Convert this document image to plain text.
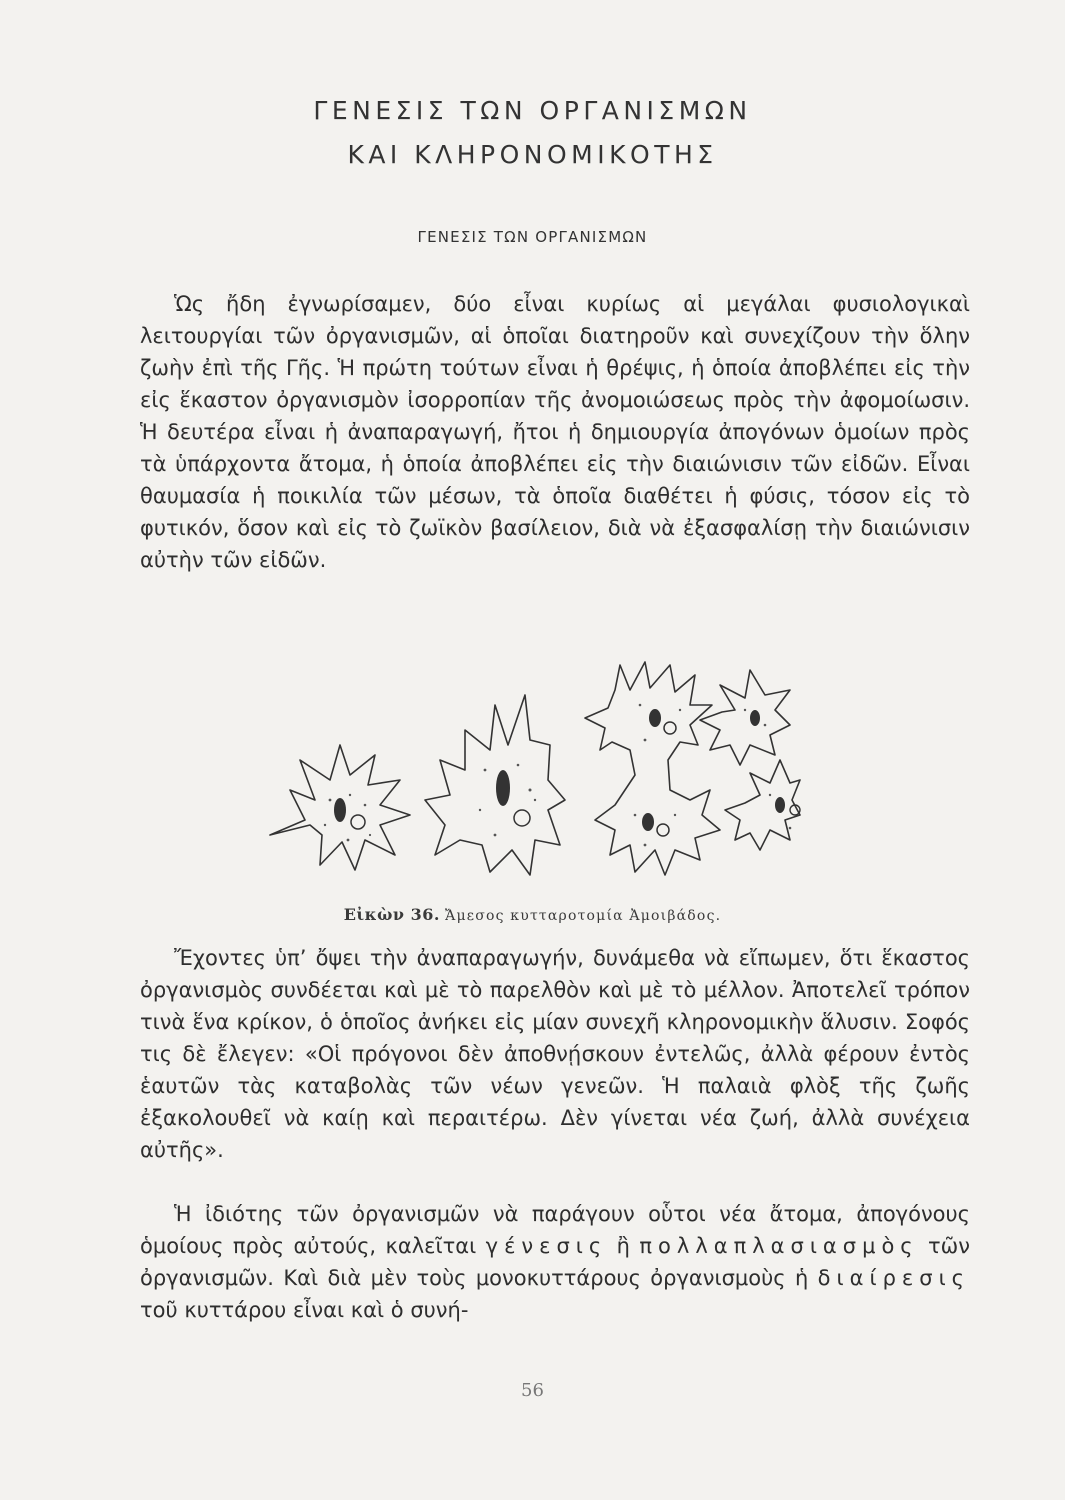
ΓΕΝΕΣΙΣ ΤΩΝ ΟΡΓΑΝΙΣΜΩΝ
ΚΑΙ ΚΛΗΡΟΝΟΜΙΚΟΤΗΣ
ΓΕΝΕΣΙΣ ΤΩΝ ΟΡΓΑΝΙΣΜΩΝ

Ὡς ἤδη ἐγνωρίσαμεν, δύο εἶναι κυρίως αἱ μεγάλαι φυσιολογικαὶ λειτουργίαι τῶν ὀργανισμῶν, αἱ ὁποῖαι διατηροῦν καὶ συνεχίζουν τὴν ὅλην ζωὴν ἐπὶ τῆς Γῆς. Ἡ πρώτη τούτων εἶναι ἡ θρέψις, ἡ ὁποία ἀποβλέπει εἰς τὴν εἰς ἕκαστον ὀργανισμὸν ἰσορροπίαν τῆς ἀνομοιώσεως πρὸς τὴν ἀφομοίωσιν. Ἡ δευτέρα εἶναι ἡ ἀναπαραγωγή, ἤτοι ἡ δημιουργία ἀπογόνων ὁμοίων πρὸς τὰ ὑπάρχοντα ἄτομα, ἡ ὁποία ἀποβλέπει εἰς τὴν διαιώνισιν τῶν εἰδῶν. Εἶναι θαυμασία ἡ ποικιλία τῶν μέσων, τὰ ὁποῖα διαθέτει ἡ φύσις, τόσον εἰς τὸ φυτικόν, ὅσον καὶ εἰς τὸ ζωϊκὸν βασίλειον, διὰ νὰ ἐξασφαλίσῃ τὴν διαιώνισιν αὐτὴν τῶν εἰδῶν.

Εἰκὼν 36. Ἄμεσος κυτταροτομία Ἀμοιβάδος.

Ἔχοντες ὑπ’ ὄψει τὴν ἀναπαραγωγήν, δυνάμεθα νὰ εἴπωμεν, ὅτι ἕκαστος ὀργανισμὸς συνδέεται καὶ μὲ τὸ παρελθὸν καὶ μὲ τὸ μέλλον. Ἀποτελεῖ τρόπον τινὰ ἕνα κρίκον, ὁ ὁποῖος ἀνήκει εἰς μίαν συνεχῆ κληρονομικὴν ἅλυσιν. Σοφός τις δὲ ἔλεγεν: «Οἱ πρόγονοι δὲν ἀποθνῄσκουν ἐντελῶς, ἀλλὰ φέρουν ἐντὸς ἑαυτῶν τὰς καταβολὰς τῶν νέων γενεῶν. Ἡ παλαιὰ φλὸξ τῆς ζωῆς ἐξακολουθεῖ νὰ καίῃ καὶ περαιτέρω. Δὲν γίνεται νέα ζωή, ἀλλὰ συνέχεια αὐτῆς».

Ἡ ἰδιότης τῶν ὀργανισμῶν νὰ παράγουν οὗτοι νέα ἄτομα, ἀπογόνους ὁμοίους πρὸς αὐτούς, καλεῖται γένεσις ἢ πολλαπλασιασμὸς τῶν ὀργανισμῶν. Καὶ διὰ μὲν τοὺς μονοκυττάρους ὀργανισμοὺς ἡ διαίρεσις τοῦ κυττάρου εἶναι καὶ ὁ συνή-

56
